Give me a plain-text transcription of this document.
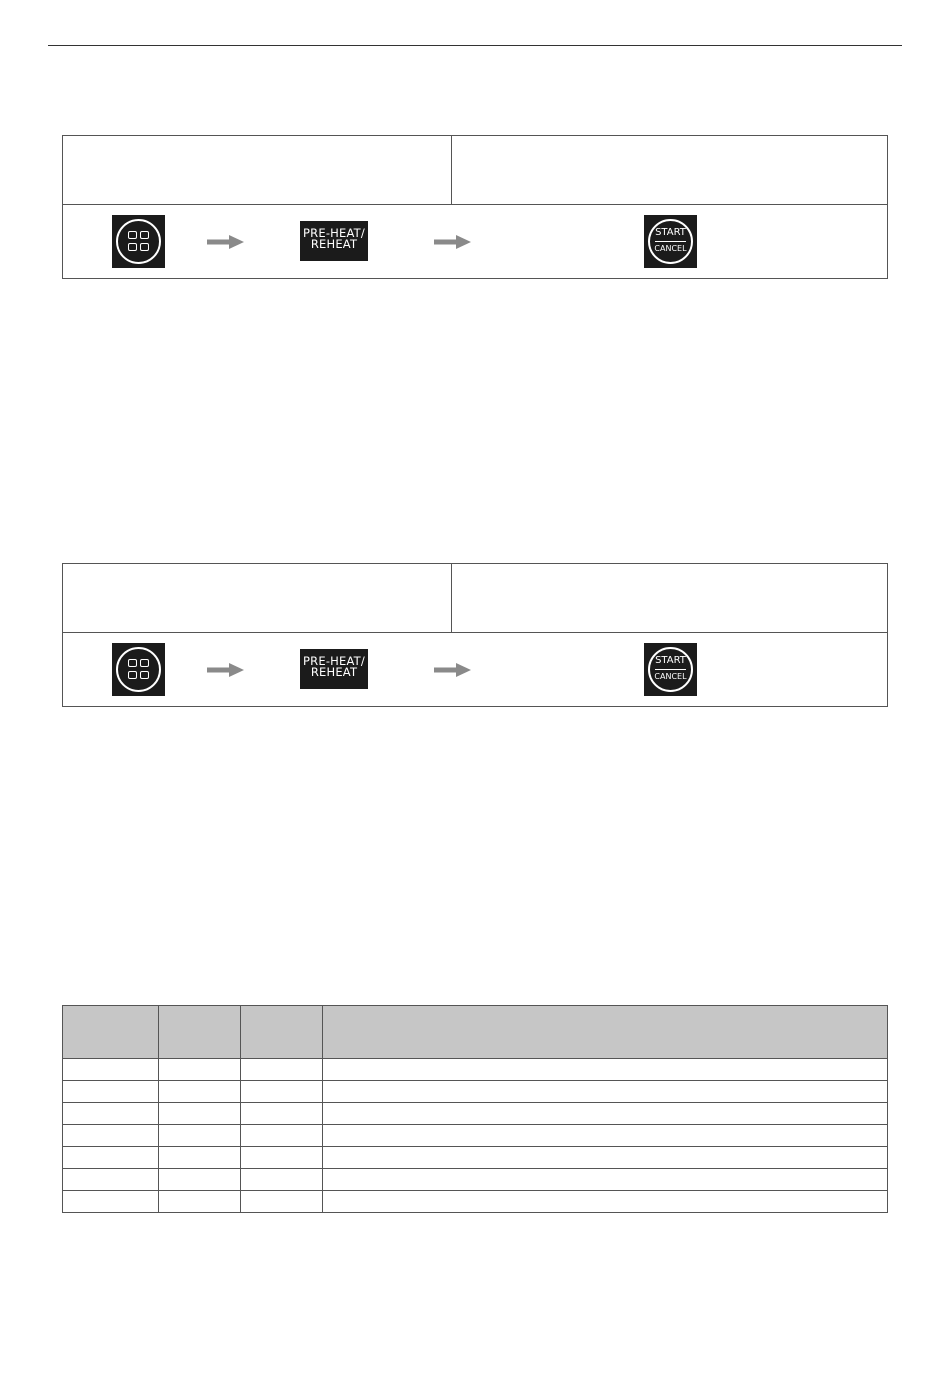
PRE-HEAT/
REHEAT
START
CANCEL
PRE-HEAT/
REHEAT
START
CANCEL
